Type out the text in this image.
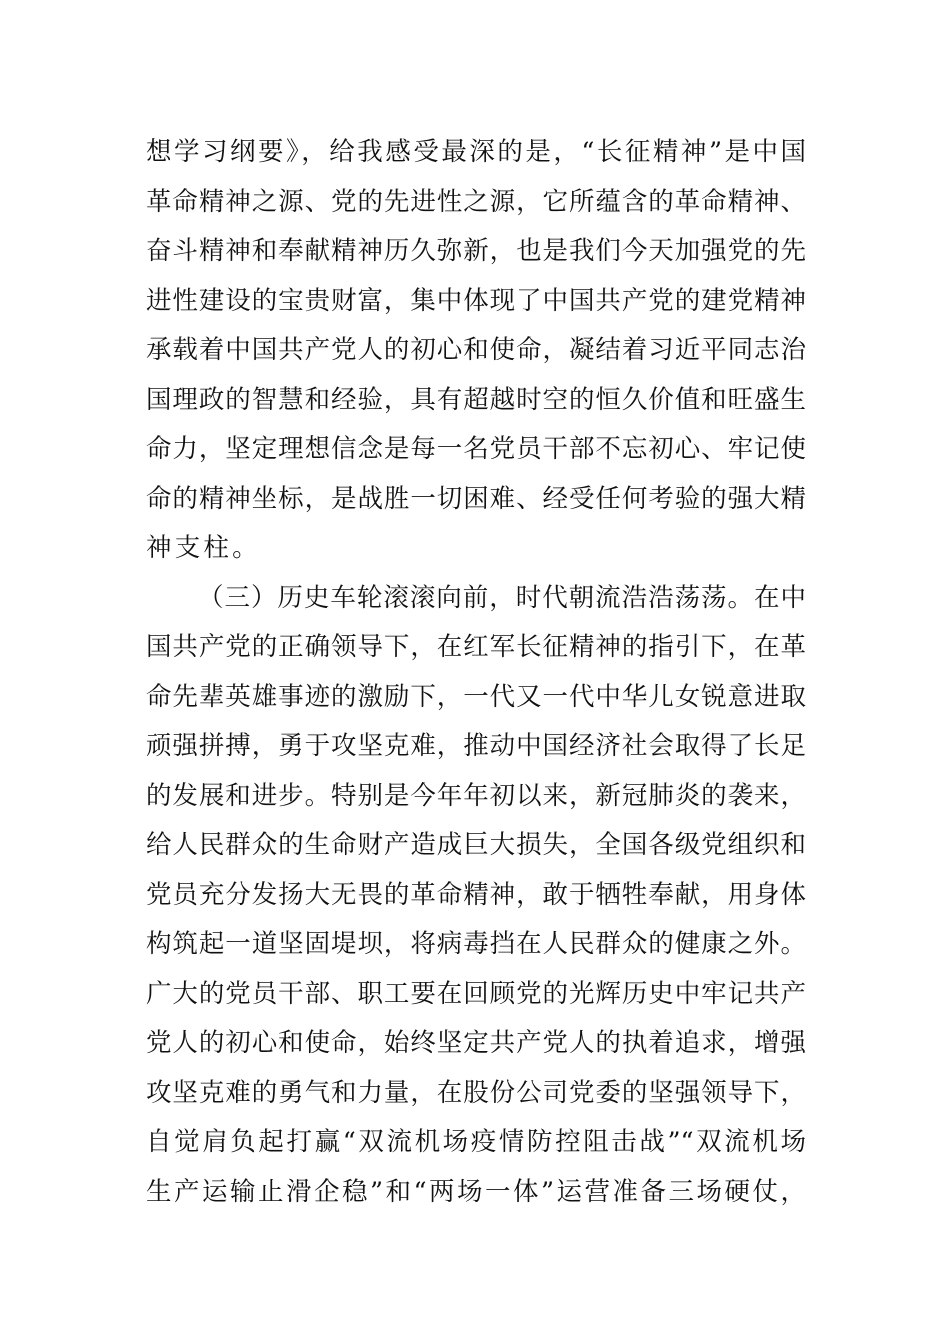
想学习纲要》，给我感受最深的是，“长征精神”是中国
革命精神之源、党的先进性之源，它所蕴含的革命精神、
奋斗精神和奉献精神历久弥新，也是我们今天加强党的先
进性建设的宝贵财富，集中体现了中国共产党的建党精神
承载着中国共产党人的初心和使命，凝结着习近平同志治
国理政的智慧和经验，具有超越时空的恒久价值和旺盛生
命力，坚定理想信念是每一名党员干部不忘初心、牢记使
命的精神坐标，是战胜一切困难、经受任何考验的强大精
神支柱。
（三）历史车轮滚滚向前，时代朝流浩浩荡荡。在中
国共产党的正确领导下，在红军长征精神的指引下，在革
命先辈英雄事迹的激励下，一代又一代中华儿女锐意进取
顽强拼搏，勇于攻坚克难，推动中国经济社会取得了长足
的发展和进步。特别是今年年初以来，新冠肺炎的袭来，
给人民群众的生命财产造成巨大损失，全国各级党组织和
党员充分发扬大无畏的革命精神，敢于牺牲奉献，用身体
构筑起一道坚固堤坝，将病毒挡在人民群众的健康之外。
广大的党员干部、职工要在回顾党的光辉历史中牢记共产
党人的初心和使命，始终坚定共产党人的执着追求，增强
攻坚克难的勇气和力量，在股份公司党委的坚强领导下，
自觉肩负起打赢“双流机场疫情防控阻击战”“双流机场
生产运输止滑企稳”和“两场一体”运营准备三场硬仗，
